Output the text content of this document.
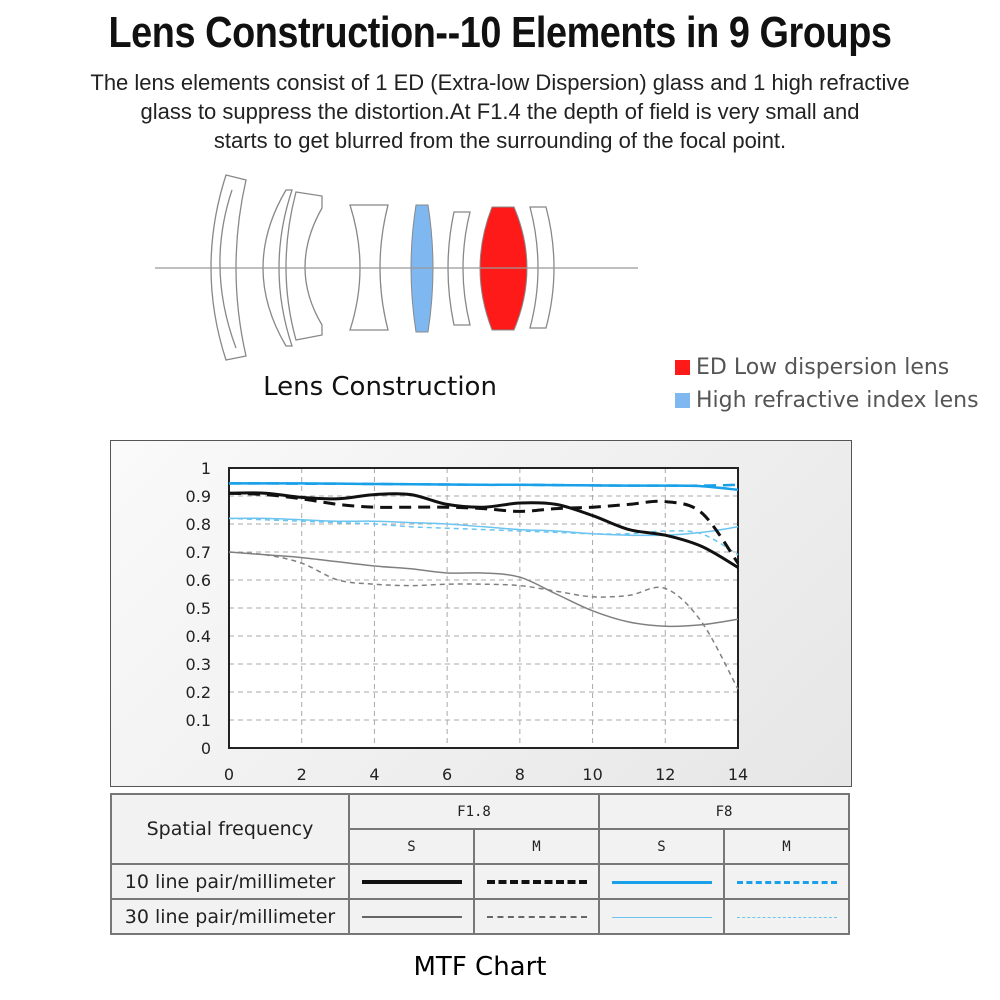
Lens Construction--10 Elements in 9 Groups
The lens elements consist of 1 ED (Extra-low Dispersion) glass and 1 high refractive
glass to suppress the distortion.At F1.4 the depth of field is very small and
starts to get blurred from the surrounding of the focal point.
Lens Construction
ED Low dispersion lens
High refractive index lens
0
0.1
0.2
0.3
0.4
0.5
0.6
0.7
0.8
0.9
1
0	2	4	6	8	10	12	14
Spatial frequency	F1.8		F8	
	S	M	S	M
10 line pair/millimeter				
30 line pair/millimeter				
MTF Chart
